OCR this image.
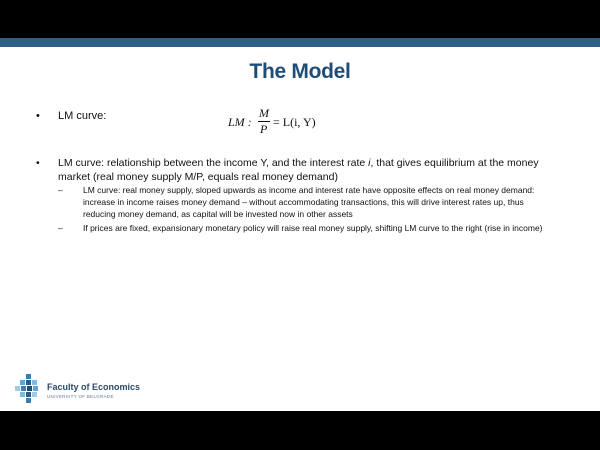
The Model
• LM curve:	LM :
M
P = L(i, Y)
• LM curve: relationship between the income Y, and the interest rate i, that gives equilibrium at the money market (real money supply M/P, equals real money demand)
– LM curve: real money supply, sloped upwards as income and interest rate have opposite effects on real money demand: increase in income raises money demand – without accommodating transactions, this will drive interest rates up, thus reducing money demand, as capital will be invested now in other assets
– If prices are fixed, expansionary monetary policy will raise real money supply, shifting LM curve to the right (rise in income)
Faculty of Economics
UNIVERSITY OF BELGRADE
